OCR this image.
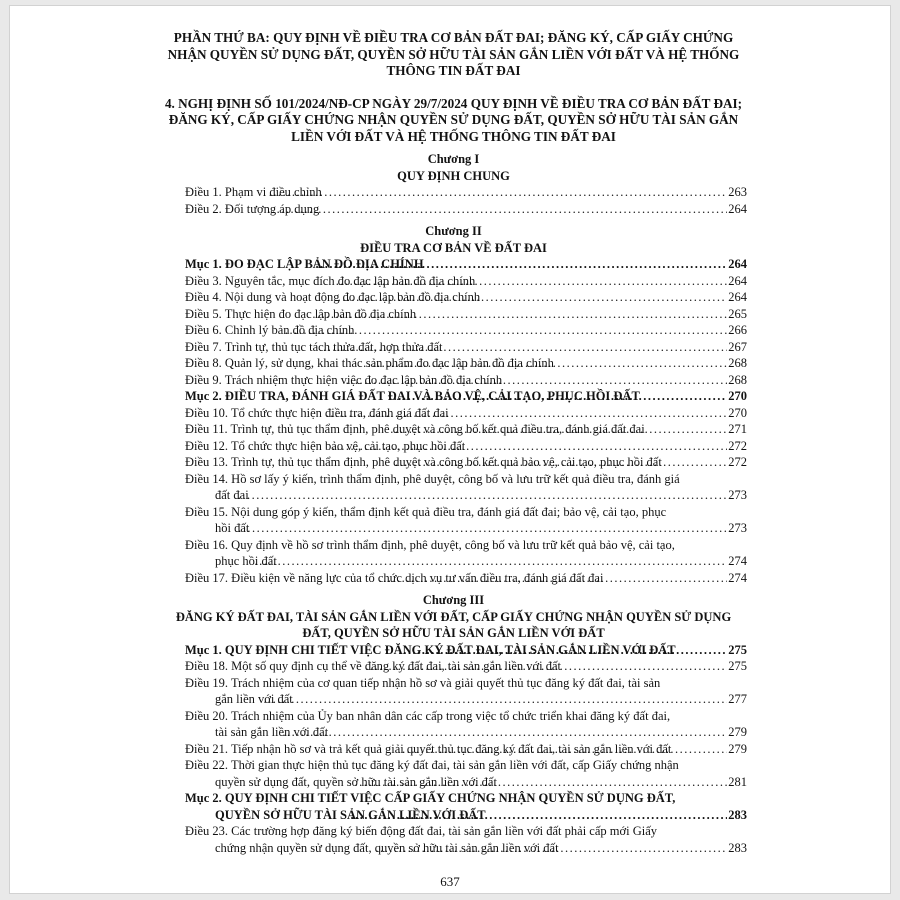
PHẦN THỨ BA: QUY ĐỊNH VỀ ĐIỀU TRA CƠ BẢN ĐẤT ĐAI; ĐĂNG KÝ, CẤP GIẤY CHỨNG NHẬN QUYỀN SỬ DỤNG ĐẤT, QUYỀN SỞ HỮU TÀI SẢN GẮN LIỀN VỚI ĐẤT VÀ HỆ THỐNG THÔNG TIN ĐẤT ĐAI
4. NGHỊ ĐỊNH SỐ 101/2024/NĐ-CP NGÀY 29/7/2024 QUY ĐỊNH VỀ ĐIỀU TRA CƠ BẢN ĐẤT ĐAI; ĐĂNG KÝ, CẤP GIẤY CHỨNG NHẬN QUYỀN SỬ DỤNG ĐẤT, QUYỀN SỞ HỮU TÀI SẢN GẮN LIỀN VỚI ĐẤT VÀ HỆ THỐNG THÔNG TIN ĐẤT ĐAI
Chương I
QUY ĐỊNH CHUNG
Điều 1. Phạm vi điều chỉnh .....	263
Điều 2. Đối tượng áp dụng .....	264
Chương II
ĐIỀU TRA CƠ BẢN VỀ ĐẤT ĐAI
Mục 1. ĐO ĐẠC LẬP BẢN ĐỒ ĐỊA CHÍNH .....	264
Điều 3. Nguyên tắc, mục đích đo đạc lập bản đồ địa chính .....	264
Điều 4. Nội dung và hoạt động đo đạc lập bản đồ địa chính .....	264
Điều 5. Thực hiện đo đạc lập bản đồ địa chính .....	265
Điều 6. Chỉnh lý bản đồ địa chính .....	266
Điều 7. Trình tự, thủ tục tách thửa đất, hợp thửa đất .....	267
Điều 8. Quản lý, sử dụng, khai thác sản phẩm đo đạc lập bản đồ địa chính .....	268
Điều 9. Trách nhiệm thực hiện việc đo đạc lập bản đồ địa chính .....	268
Mục 2. ĐIỀU TRA, ĐÁNH GIÁ ĐẤT ĐAI VÀ BẢO VỆ, CẢI TẠO, PHỤC HỒI ĐẤT .....	270
Điều 10. Tổ chức thực hiện điều tra, đánh giá đất đai .....	270
Điều 11. Trình tự, thủ tục thẩm định, phê duyệt và công bố kết quả điều tra, đánh giá đất đai .....	271
Điều 12. Tổ chức thực hiện bảo vệ, cải tạo, phục hồi đất .....	272
Điều 13. Trình tự, thủ tục thẩm định, phê duyệt và công bố kết quả bảo vệ, cải tạo, phục hồi đất .....	272
Điều 14. Hồ sơ lấy ý kiến, trình thẩm định, phê duyệt, công bố và lưu trữ kết quả điều tra, đánh giá
đất đai .....	273
Điều 15. Nội dung góp ý kiến, thẩm định kết quả điều tra, đánh giá đất đai; bảo vệ, cải tạo, phục
hồi đất .....	273
Điều 16. Quy định về hồ sơ trình thẩm định, phê duyệt, công bố và lưu trữ kết quả bảo vệ, cải tạo,
phục hồi đất .....	274
Điều 17. Điều kiện về năng lực của tổ chức dịch vụ tư vấn điều tra, đánh giá đất đai .....	274
Chương III
ĐĂNG KÝ ĐẤT ĐAI, TÀI SẢN GẮN LIỀN VỚI ĐẤT, CẤP GIẤY CHỨNG NHẬN QUYỀN SỬ DỤNG ĐẤT, QUYỀN SỞ HỮU TÀI SẢN GẮN LIỀN VỚI ĐẤT
Mục 1. QUY ĐỊNH CHI TIẾT VIỆC ĐĂNG KÝ ĐẤT ĐAI, TÀI SẢN GẮN LIỀN VỚI ĐẤT .....	275
Điều 18. Một số quy định cụ thể về đăng ký đất đai, tài sản gắn liền với đất .....	275
Điều 19. Trách nhiệm của cơ quan tiếp nhận hồ sơ và giải quyết thủ tục đăng ký đất đai, tài sản
gắn liền với đất .....	277
Điều 20. Trách nhiệm của Ủy ban nhân dân các cấp trong việc tổ chức triển khai đăng ký đất đai,
tài sản gắn liền với đất .....	279
Điều 21. Tiếp nhận hồ sơ và trả kết quả giải quyết thủ tục đăng ký đất đai, tài sản gắn liền với đất .....	279
Điều 22. Thời gian thực hiện thủ tục đăng ký đất đai, tài sản gắn liền với đất, cấp Giấy chứng nhận
quyền sử dụng đất, quyền sở hữu tài sản gắn liền với đất .....	281
Mục 2. QUY ĐỊNH CHI TIẾT VIỆC CẤP GIẤY CHỨNG NHẬN QUYỀN SỬ DỤNG ĐẤT,
QUYỀN SỞ HỮU TÀI SẢN GẮN LIỀN VỚI ĐẤT .....	283
Điều 23. Các trường hợp đăng ký biến động đất đai, tài sản gắn liền với đất phải cấp mới Giấy
chứng nhận quyền sử dụng đất, quyền sở hữu tài sản gắn liền với đất .....	283
637
